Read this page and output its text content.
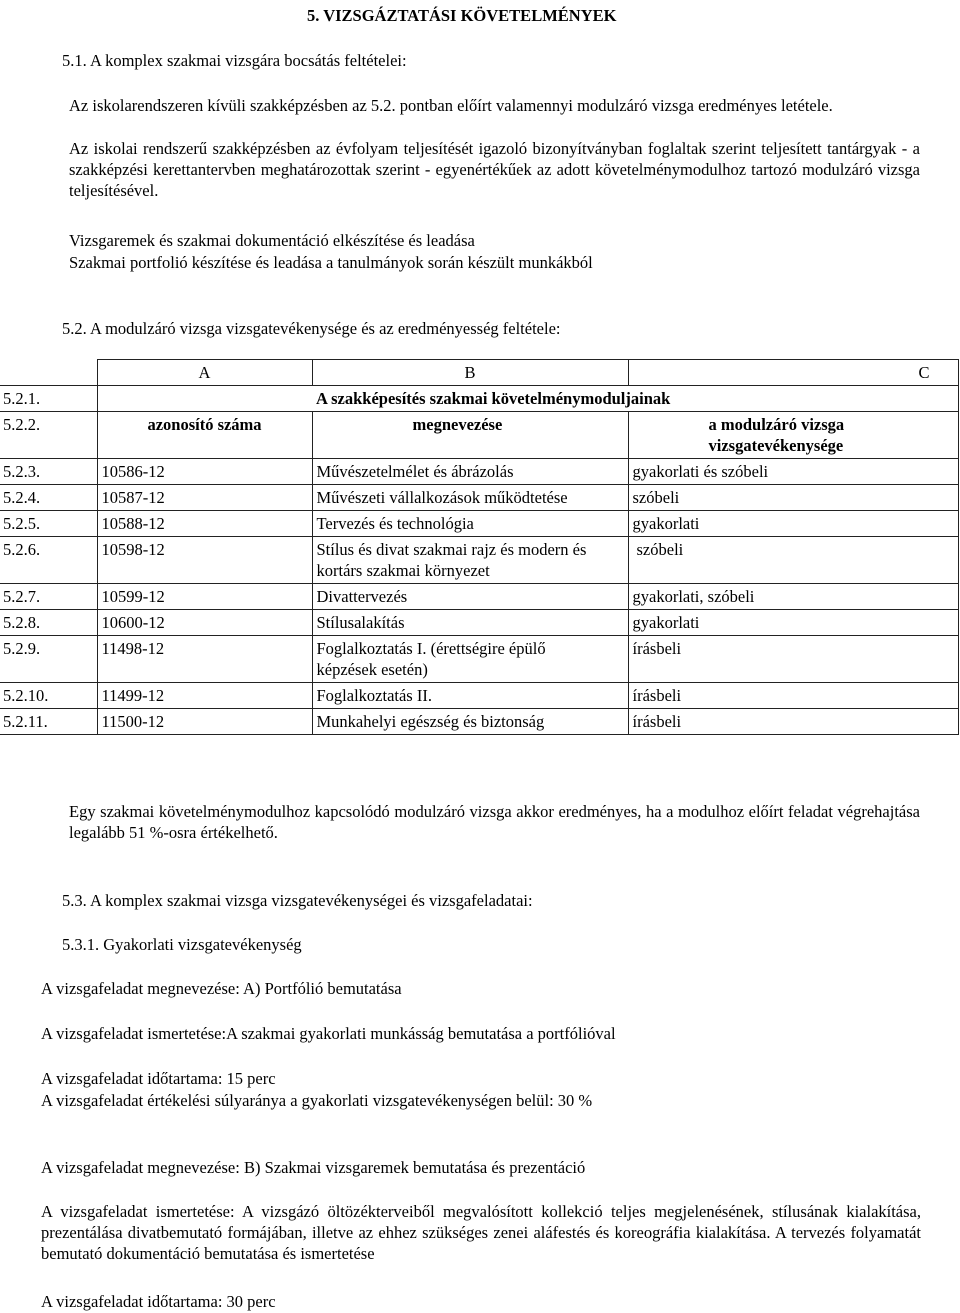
5. VIZSGÁZTATÁSI KÖVETELMÉNYEK
5.1. A komplex szakmai vizsgára bocsátás feltételei:
Az iskolarendszeren kívüli szakképzésben az 5.2. pontban előírt valamennyi modulzáró vizsga eredményes letétele.
Az iskolai rendszerű szakképzésben az évfolyam teljesítését igazoló bizonyítványban foglaltak szerint teljesített tantárgyak - a szakképzési kerettantervben meghatározottak szerint - egyenértékűek az adott követelménymodulhoz tartozó modulzáró vizsga teljesítésével.
Vizsgaremek és szakmai dokumentáció elkészítése és leadása
Szakmai portfolió készítése és leadása a tanulmányok során készült munkákból
5.2. A modulzáró vizsga vizsgatevékenysége és az eredményesség feltétele:
	A	B	C
5.2.1.		A szakképesítés szakmai követelménymoduljainak	
5.2.2.	azonosító száma	megnevezése	a modulzáró vizsga vizsgatevékenysége
5.2.3.	10586-12	Művészetelmélet és ábrázolás	gyakorlati és szóbeli
5.2.4.	10587-12	Művészeti vállalkozások működtetése	szóbeli
5.2.5.	10588-12	Tervezés és technológia	gyakorlati
5.2.6.	10598-12	Stílus és divat szakmai rajz és modern és kortárs szakmai környezet	szóbeli
5.2.7.	10599-12	Divattervezés	gyakorlati, szóbeli
5.2.8.	10600-12	Stílusalakítás	gyakorlati
5.2.9.	11498-12	Foglalkoztatás I. (érettségire épülő képzések esetén)	írásbeli
5.2.10.	11499-12	Foglalkoztatás II.	írásbeli
5.2.11.	11500-12	Munkahelyi egészség és biztonság	írásbeli
Egy szakmai követelménymodulhoz kapcsolódó modulzáró vizsga akkor eredményes, ha a modulhoz előírt feladat végrehajtása legalább 51 %-osra értékelhető.
5.3. A komplex szakmai vizsga vizsgatevékenységei és vizsgafeladatai:
5.3.1. Gyakorlati vizsgatevékenység
A vizsgafeladat megnevezése: A) Portfólió bemutatása
A vizsgafeladat ismertetése:A szakmai gyakorlati munkásság bemutatása a portfólióval
A vizsgafeladat időtartama: 15 perc
A vizsgafeladat értékelési súlyaránya a gyakorlati vizsgatevékenységen belül: 30 %
A vizsgafeladat megnevezése: B) Szakmai vizsgaremek bemutatása és prezentáció
A vizsgafeladat ismertetése: A vizsgázó öltözékterveiből megvalósított kollekció teljes megjelenésének, stílusának kialakítása, prezentálása divatbemutató formájában, illetve az ehhez szükséges zenei aláfestés és koreográfia kialakítása. A tervezés folyamatát bemutató dokumentáció bemutatása és ismertetése
A vizsgafeladat időtartama: 30 perc
